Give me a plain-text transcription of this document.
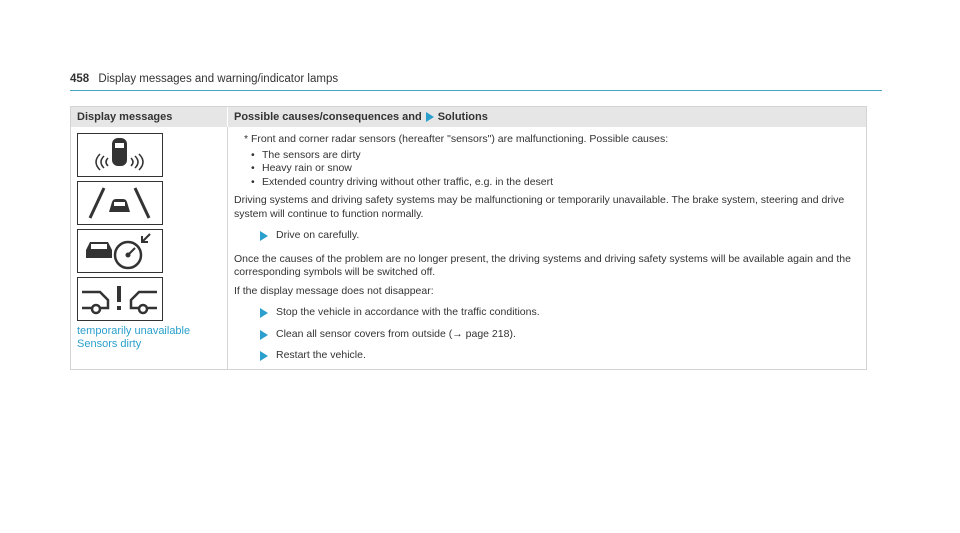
458 Display messages and warning/indicator lamps
Display messages	Possible causes/consequences and Solutions
temporarily unavailable
Sensors dirty
* Front and corner radar sensors (hereafter "sensors") are malfunctioning. Possible causes:
• The sensors are dirty
• Heavy rain or snow
• Extended country driving without other traffic, e.g. in the desert

Driving systems and driving safety systems may be malfunctioning or temporarily unavailable. The brake system, steering and drive system will continue to function normally.

Drive on carefully.

Once the causes of the problem are no longer present, the driving systems and driving safety systems will be available again and the corresponding symbols will be switched off.

If the display message does not disappear:

Stop the vehicle in accordance with the traffic conditions.
Clean all sensor covers from outside (→ page 218).
Restart the vehicle.
